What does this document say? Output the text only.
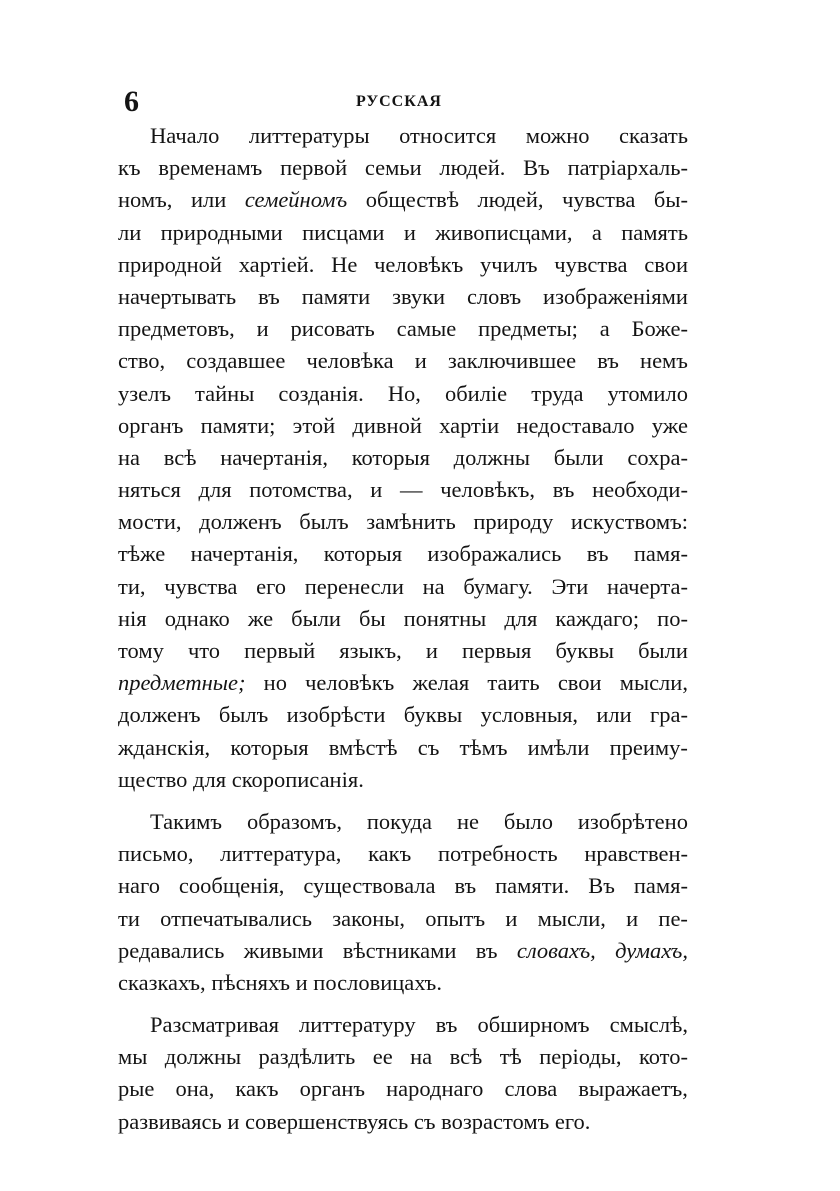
6	РУССКАЯ
Начало литтературы относится можно сказать
къ временамъ первой семьи людей. Въ патріархаль-
номъ, или семейномъ обществѣ людей, чувства бы-
ли природными писцами и живописцами, а память
природной хартіей. Не человѣкъ училъ чувства свои
начертывать въ памяти звуки словъ изображеніями
предметовъ, и рисовать самые предметы; а Боже-
ство, создавшее человѣка и заключившее въ немъ
узелъ тайны созданія. Но, обиліе труда утомило
органъ памяти; этой дивной хартіи недоставало уже
на всѣ начертанія, которыя должны были сохра-
няться для потомства, и — человѣкъ, въ необходи-
мости, долженъ былъ замѣнить природу искуствомъ:
тѣже начертанія, которыя изображались въ памя-
ти, чувства его перенесли на бумагу. Эти начерта-
нія однако же были бы понятны для каждаго; по-
тому что первый языкъ, и первыя буквы были
предметные; но человѣкъ желая таить свои мысли,
долженъ былъ изобрѣсти буквы условныя, или гра-
жданскія, которыя вмѣстѣ съ тѣмъ имѣли преиму-
щество для скорописанія.
Такимъ образомъ, покуда не было изобрѣтено
письмо, литтература, какъ потребность нравствен-
наго сообщенія, существовала въ памяти. Въ памя-
ти отпечатывались законы, опытъ и мысли, и пе-
редавались живыми вѣстниками въ словахъ, думахъ,
сказкахъ, пѣсняхъ и пословицахъ.
Разсматривая литтературу въ обширномъ смыслѣ,
мы должны раздѣлить ее на всѣ тѣ періоды, кото-
рые она, какъ органъ народнаго слова выражаетъ,
развиваясь и совершенствуясь съ возрастомъ его.
